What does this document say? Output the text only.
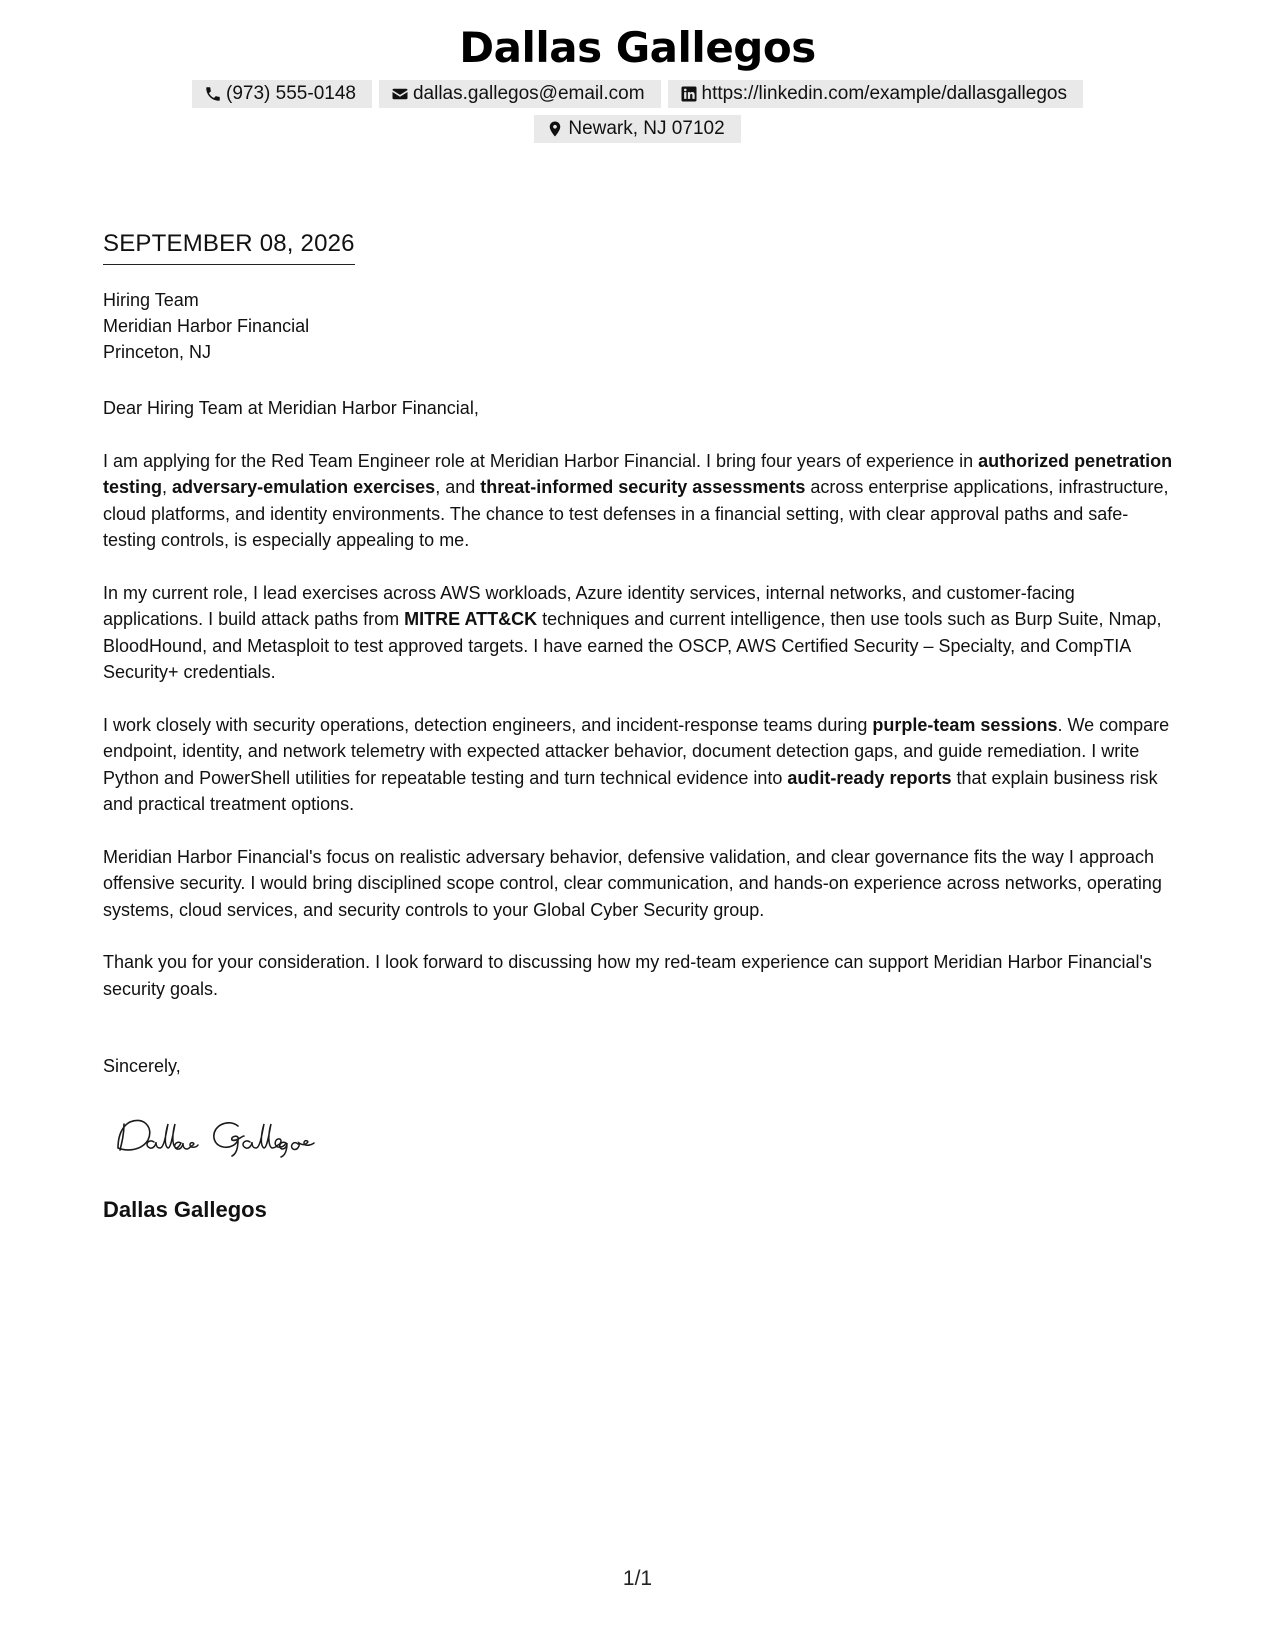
Dallas Gallegos
(973) 555-0148	dallas.gallegos@email.com	https://linkedin.com/example/dallasgallegos
Newark, NJ 07102
SEPTEMBER 08, 2026
Hiring Team
Meridian Harbor Financial
Princeton, NJ

Dear Hiring Team at Meridian Harbor Financial,

I am applying for the Red Team Engineer role at Meridian Harbor Financial. I bring four years of experience in authorized penetration testing, adversary-emulation exercises, and threat-informed security assessments across enterprise applications, infrastructure, cloud platforms, and identity environments. The chance to test defenses in a financial setting, with clear approval paths and safe-testing controls, is especially appealing to me.

In my current role, I lead exercises across AWS workloads, Azure identity services, internal networks, and customer-facing applications. I build attack paths from MITRE ATT&CK techniques and current intelligence, then use tools such as Burp Suite, Nmap, BloodHound, and Metasploit to test approved targets. I have earned the OSCP, AWS Certified Security – Specialty, and CompTIA Security+ credentials.

I work closely with security operations, detection engineers, and incident-response teams during purple-team sessions. We compare endpoint, identity, and network telemetry with expected attacker behavior, document detection gaps, and guide remediation. I write Python and PowerShell utilities for repeatable testing and turn technical evidence into audit-ready reports that explain business risk and practical treatment options.

Meridian Harbor Financial's focus on realistic adversary behavior, defensive validation, and clear governance fits the way I approach offensive security. I would bring disciplined scope control, clear communication, and hands-on experience across networks, operating systems, cloud services, and security controls to your Global Cyber Security group.

Thank you for your consideration. I look forward to discussing how my red-team experience can support Meridian Harbor Financial's security goals.

Sincerely,
Dallas Gallegos
1/1
